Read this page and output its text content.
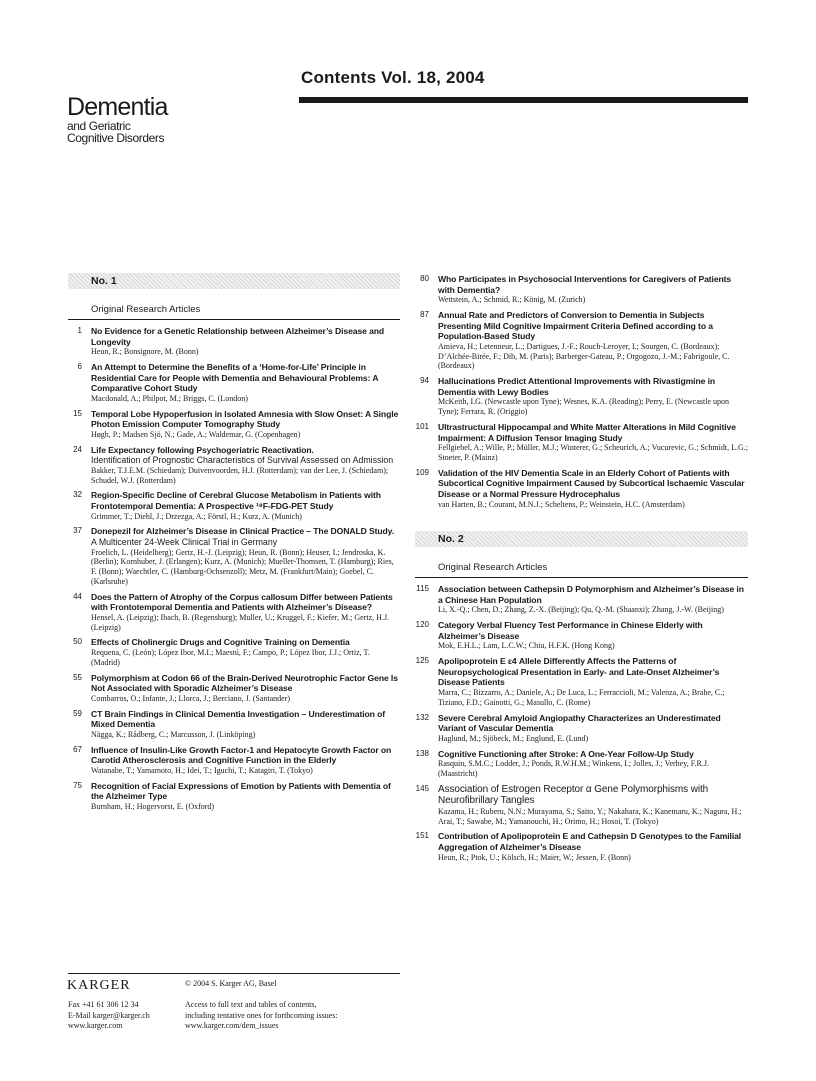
Contents Vol. 18, 2004
Dementia
and Geriatric
Cognitive Disorders
No. 1
Original Research Articles
1 No Evidence for a Genetic Relationship between Alzheimer’s Disease and Longevity
Heun, R.; Bonsignore, M. (Bonn)
6 An Attempt to Determine the Benefits of a ‘Home-for-Life’ Principle in Residential Care for People with Dementia and Behavioural Problems: A Comparative Cohort Study
Macdonald, A.; Philpot, M.; Briggs, C. (London)
15 Temporal Lobe Hypoperfusion in Isolated Amnesia with Slow Onset: A Single Photon Emission Computer Tomography Study
Høgh, P.; Madsen Sjö, N.; Gade, A.; Waldemar, G. (Copenhagen)
24 Life Expectancy following Psychogeriatric Reactivation.
Identification of Prognostic Characteristics of Survival Assessed on Admission
Bakker, T.J.E.M. (Schiedam); Duivenvoorden, H.J. (Rotterdam); van der Lee, J. (Schiedam); Schudel, W.J. (Rotterdam)
32 Region-Specific Decline of Cerebral Glucose Metabolism in Patients with Frontotemporal Dementia: A Prospective ¹⁸F-FDG-PET Study
Grimmer, T.; Diehl, J.; Drzezga, A.; Förstl, H.; Kurz, A. (Munich)
37 Donepezil for Alzheimer’s Disease in Clinical Practice – The DONALD Study.
A Multicenter 24-Week Clinical Trial in Germany
Froelich, L. (Heidelberg); Gertz, H.-J. (Leipzig); Heun, R. (Bonn); Heuser, I.; Jendroska, K. (Berlin); Kornhuber, J. (Erlangen); Kurz, A. (Munich); Mueller-Thomsen, T. (Hamburg); Ries, F. (Bonn); Waechtler, C. (Hamburg-Ochsenzoll); Metz, M. (Frankfurt/Main); Goebel, C. (Karlsruhe)
44 Does the Pattern of Atrophy of the Corpus callosum Differ between Patients with Frontotemporal Dementia and Patients with Alzheimer’s Disease?
Hensel, A. (Leipzig); Ibach, B. (Regensburg); Muller, U.; Kruggel, F.; Kiefer, M.; Gertz, H.J. (Leipzig)
50 Effects of Cholinergic Drugs and Cognitive Training on Dementia
Requena, C. (León); López Ibor, M.I.; Maestú, F.; Campo, P.; López Ibor, J.J.; Ortiz, T. (Madrid)
55 Polymorphism at Codon 66 of the Brain-Derived Neurotrophic Factor Gene Is Not Associated with Sporadic Alzheimer’s Disease
Combarros, O.; Infante, J.; Llorca, J.; Berciano, J. (Santander)
59 CT Brain Findings in Clinical Dementia Investigation – Underestimation of Mixed Dementia
Nägga, K.; Rådberg, C.; Marcusson, J. (Linköping)
67 Influence of Insulin-Like Growth Factor-1 and Hepatocyte Growth Factor on Carotid Atherosclerosis and Cognitive Function in the Elderly
Watanabe, T.; Yamamoto, H.; Idei, T.; Iguchi, T.; Katagiri, T. (Tokyo)
75 Recognition of Facial Expressions of Emotion by Patients with Dementia of the Alzheimer Type
Burnham, H.; Hogervorst, E. (Oxford)
80 Who Participates in Psychosocial Interventions for Caregivers of Patients with Dementia?
Wettstein, A.; Schmid, R.; König, M. (Zurich)
87 Annual Rate and Predictors of Conversion to Dementia in Subjects Presenting Mild Cognitive Impairment Criteria Defined according to a Population-Based Study
Amieva, H.; Letenneur, L.; Dartigues, J.-F.; Rouch-Leroyer, I.; Sourgen, C. (Bordeaux); D’Alchée-Birée, F.; Dib, M. (Paris); Barberger-Gateau, P.; Orgogozo, J.-M.; Fabrigoule, C. (Bordeaux)
94 Hallucinations Predict Attentional Improvements with Rivastigmine in Dementia with Lewy Bodies
McKeith, I.G. (Newcastle upon Tyne); Wesnes, K.A. (Reading); Perry, E. (Newcastle upon Tyne); Ferrara, R. (Origgio)
101 Ultrastructural Hippocampal and White Matter Alterations in Mild Cognitive Impairment: A Diffusion Tensor Imaging Study
Fellgiebel, A.; Wille, P.; Müller, M.J.; Winterer, G.; Scheurich, A.; Vucurevic, G.; Schmidt, L.G.; Stoeter, P. (Mainz)
109 Validation of the HIV Dementia Scale in an Elderly Cohort of Patients with Subcortical Cognitive Impairment Caused by Subcortical Ischaemic Vascular Disease or a Normal Pressure Hydrocephalus
van Harten, B.; Courant, M.N.J.; Scheltens, P.; Weinstein, H.C. (Amsterdam)
No. 2
Original Research Articles
115 Association between Cathepsin D Polymorphism and Alzheimer’s Disease in a Chinese Han Population
Li, X.-Q.; Chen, D.; Zhang, Z.-X. (Beijing); Qu, Q.-M. (Shaanxi); Zhang, J.-W. (Beijing)
120 Category Verbal Fluency Test Performance in Chinese Elderly with Alzheimer’s Disease
Mok, E.H.L.; Lam, L.C.W.; Chiu, H.F.K. (Hong Kong)
125 Apolipoprotein E ε4 Allele Differently Affects the Patterns of Neuropsychological Presentation in Early- and Late-Onset Alzheimer’s Disease Patients
Marra, C.; Bizzarro, A.; Daniele, A.; De Luca, L.; Ferraccioli, M.; Valenza, A.; Brahe, C.; Tiziano, F.D.; Gainotti, G.; Masullo, C. (Rome)
132 Severe Cerebral Amyloid Angiopathy Characterizes an Underestimated Variant of Vascular Dementia
Haglund, M.; Sjöbeck, M.; Englund, E. (Lund)
138 Cognitive Functioning after Stroke: A One-Year Follow-Up Study
Rasquin, S.M.C.; Lodder, J.; Ponds, R.W.H.M.; Winkens, I.; Jolles, J.; Verhey, F.R.J. (Maastricht)
145 Association of Estrogen Receptor α Gene Polymorphisms with Neurofibrillary Tangles
Kazama, H.; Ruberu, N.N.; Murayama, S.; Saito, Y.; Nakahara, K.; Kanemaru, K.; Nagura, H.; Arai, T.; Sawabe, M.; Yamanouchi, H.; Orimo, H.; Hosoi, T. (Tokyo)
151 Contribution of Apolipoprotein E and Cathepsin D Genotypes to the Familial Aggregation of Alzheimer’s Disease
Heun, R.; Ptok, U.; Kölsch, H.; Maier, W.; Jessen, F. (Bonn)
KARGER	© 2004 S. Karger AG, Basel
Fax +41 61 306 12 34
E-Mail karger@karger.ch
www.karger.com
Access to full text and tables of contents,
including tentative ones for forthcoming issues:
www.karger.com/dem_issues
